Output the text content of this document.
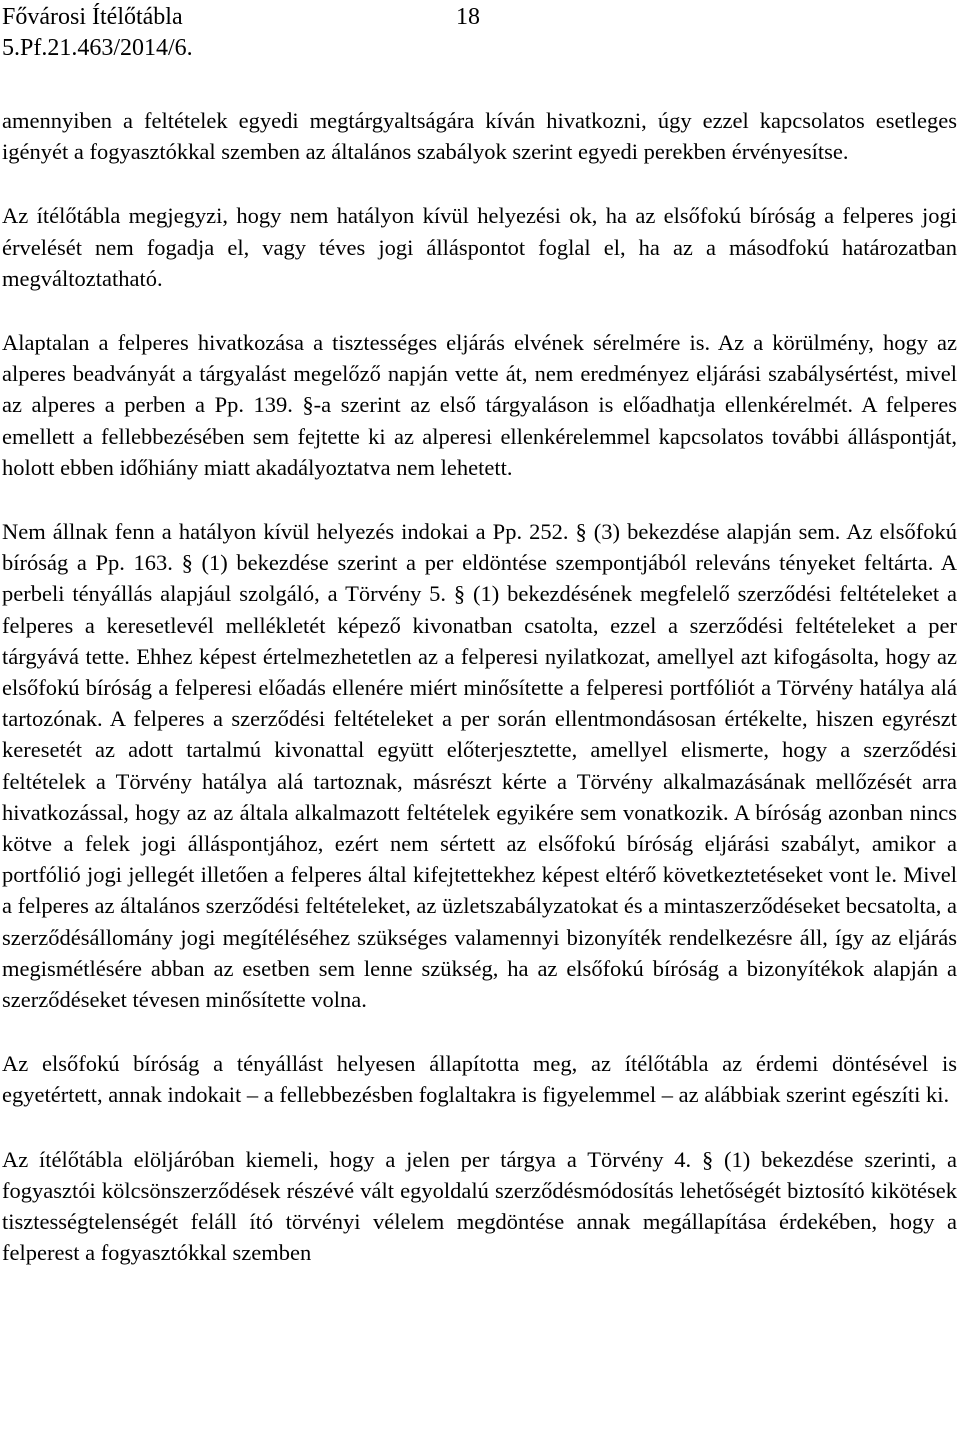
Fővárosi Ítélőtábla
5.Pf.21.463/2014/6.
18

amennyiben a feltételek egyedi megtárgyaltságára kíván hivatkozni, úgy ezzel kapcsolatos esetleges igényét a fogyasztókkal szemben az általános szabályok szerint egyedi perekben érvényesítse.

Az ítélőtábla megjegyzi, hogy nem hatályon kívül helyezési ok, ha az elsőfokú bíróság a felperes jogi érvelését nem fogadja el, vagy téves jogi álláspontot foglal el, ha az a másodfokú határozatban megváltoztatható.

Alaptalan a felperes hivatkozása a tisztességes eljárás elvének sérelmére is. Az a körülmény, hogy az alperes beadványát a tárgyalást megelőző napján vette át, nem eredményez eljárási szabálysértést, mivel az alperes a perben a Pp. 139. §-a szerint az első tárgyaláson is előadhatja ellenkérelmét. A felperes emellett a fellebbezésében sem fejtette ki az alperesi ellenkérelemmel kapcsolatos további álláspontját, holott ebben időhiány miatt akadályoztatva nem lehetett.

Nem állnak fenn a hatályon kívül helyezés indokai a Pp. 252. § (3) bekezdése alapján sem. Az elsőfokú bíróság a Pp. 163. § (1) bekezdése szerint a per eldöntése szempontjából releváns tényeket feltárta. A perbeli tényállás alapjául szolgáló, a Törvény 5. § (1) bekezdésének megfelelő szerződési feltételeket a felperes a keresetlevél mellékletét képező kivonatban csatolta, ezzel a szerződési feltételeket a per tárgyává tette. Ehhez képest értelmezhetetlen az a felperesi nyilatkozat, amellyel azt kifogásolta, hogy az elsőfokú bíróság a felperesi előadás ellenére miért minősítette a felperesi portfóliót a Törvény hatálya alá tartozónak. A felperes a szerződési feltételeket a per során ellentmondásosan értékelte, hiszen egyrészt keresetét az adott tartalmú kivonattal együtt előterjesztette, amellyel elismerte, hogy a szerződési feltételek a Törvény hatálya alá tartoznak, másrészt kérte a Törvény alkalmazásának mellőzését arra hivatkozással, hogy az az általa alkalmazott feltételek egyikére sem vonatkozik. A bíróság azonban nincs kötve a felek jogi álláspontjához, ezért nem sértett az elsőfokú bíróság eljárási szabályt, amikor a portfólió jogi jellegét illetően a felperes által kifejtettekhez képest eltérő következtetéseket vont le. Mivel a felperes az általános szerződési feltételeket, az üzletszabályzatokat és a mintaszerződéseket becsatolta, a szerződésállomány jogi megítéléséhez szükséges valamennyi bizonyíték rendelkezésre áll, így az eljárás megismétlésére abban az esetben sem lenne szükség, ha az elsőfokú bíróság a bizonyítékok alapján a szerződéseket tévesen minősítette volna.

Az elsőfokú bíróság a tényállást helyesen állapította meg, az ítélőtábla az érdemi döntésével is egyetértett, annak indokait – a fellebbezésben foglaltakra is figyelemmel – az alábbiak szerint egészíti ki.

Az ítélőtábla elöljáróban kiemeli, hogy a jelen per tárgya a Törvény 4. § (1) bekezdése szerinti, a fogyasztói kölcsönszerződések részévé vált egyoldalú szerződésmódosítás lehetőségét biztosító kikötések tisztességtelenségét feláll ító törvényi vélelem megdöntése annak megállapítása érdekében, hogy a felperest a fogyasztókkal szemben
